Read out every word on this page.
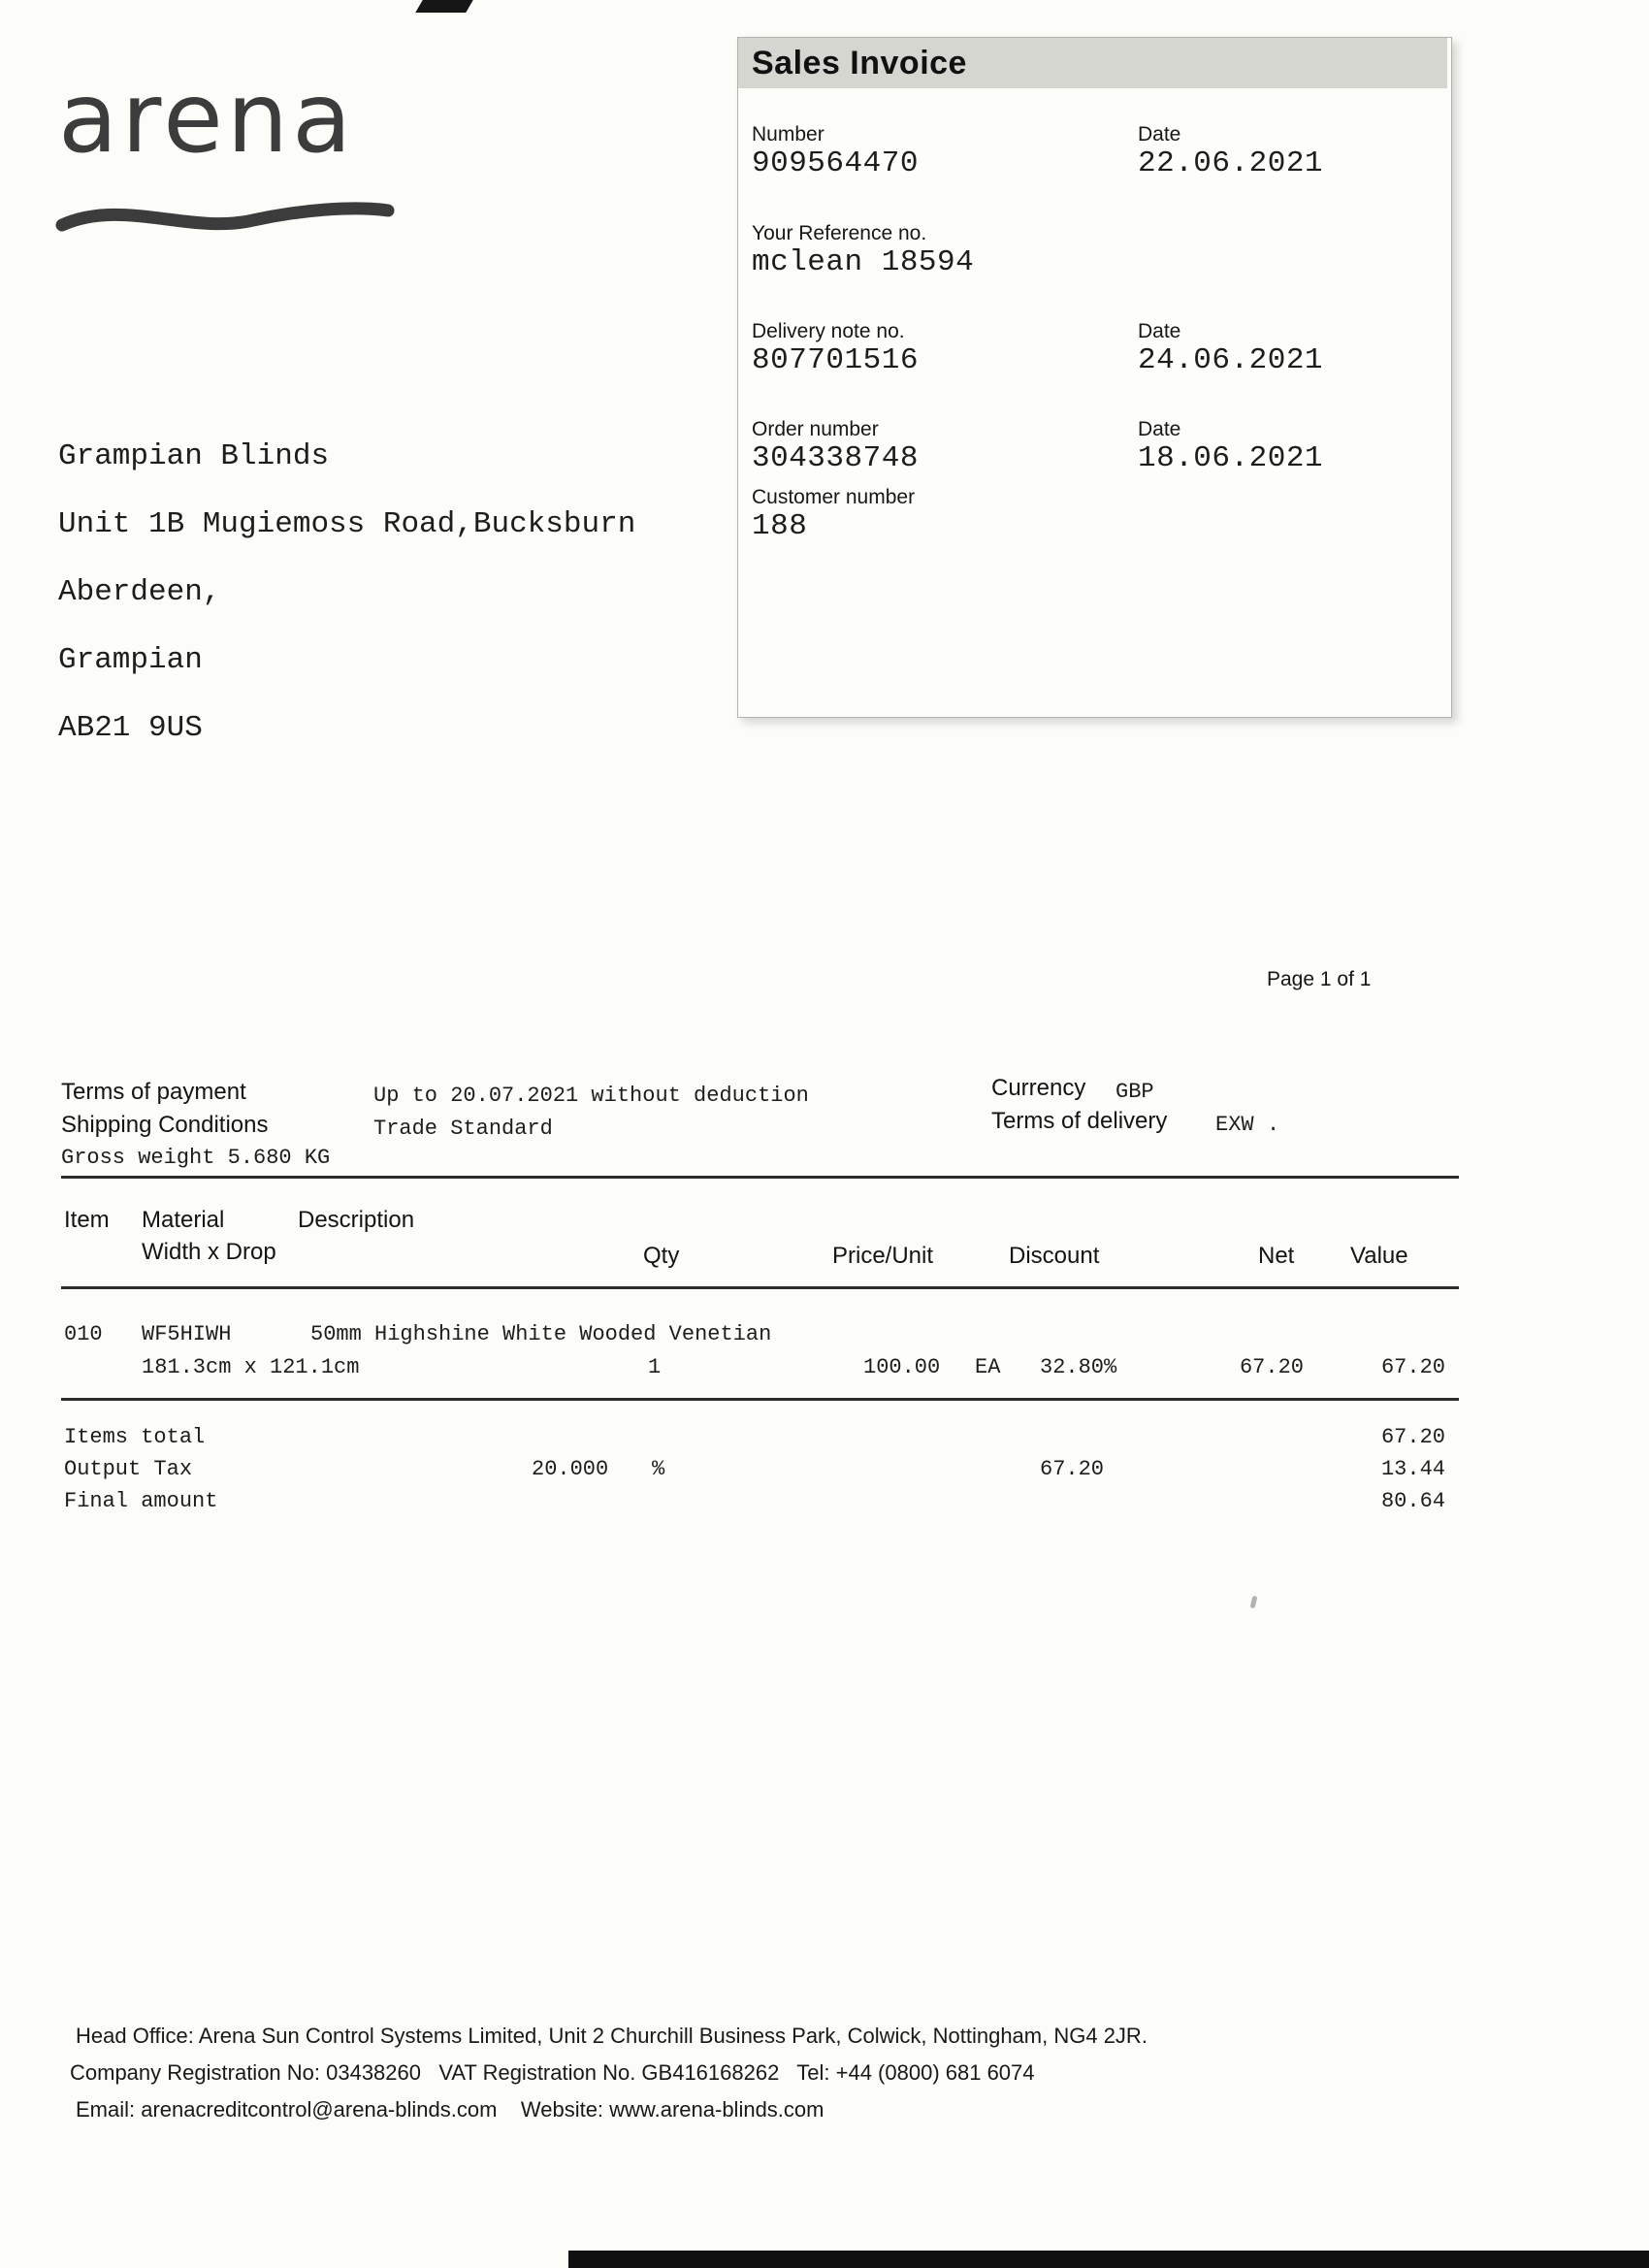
arena	Sales Invoice
Number
909564470
Date
22.06.2021
Your Reference no.
mclean 18594
Delivery note no.
807701516
Date
24.06.2021
Order number
304338748
Date
18.06.2021
Customer number
188

Grampian Blinds

Unit 1B Mugiemoss Road,Bucksburn

Aberdeen,

Grampian

AB21 9US

Page 1 of 1
Terms of payment	Up to 20.07.2021 without deduction	Currency GBP
Shipping Conditions	Trade Standard	Terms of delivery EXW .
Gross weight 5.680 KG
Item Material	Description
Width x Drop	Qty	Price/Unit	Discount	Net Value
010 WF5HIWH	50mm Highshine White Wooded Venetian
181.3cm x 121.1cm	1	100.00 EA 32.80%	67.20	67.20
Items total	67.20
Output Tax	20.000 %	67.20	13.44
Final amount	80.64
Head Office: Arena Sun Control Systems Limited, Unit 2 Churchill Business Park, Colwick, Nottingham, NG4 2JR.
Company Registration No: 03438260   VAT Registration No. GB416168262   Tel: +44 (0800) 681 6074
Email: arenacreditcontrol@arena-blinds.com    Website: www.arena-blinds.com
